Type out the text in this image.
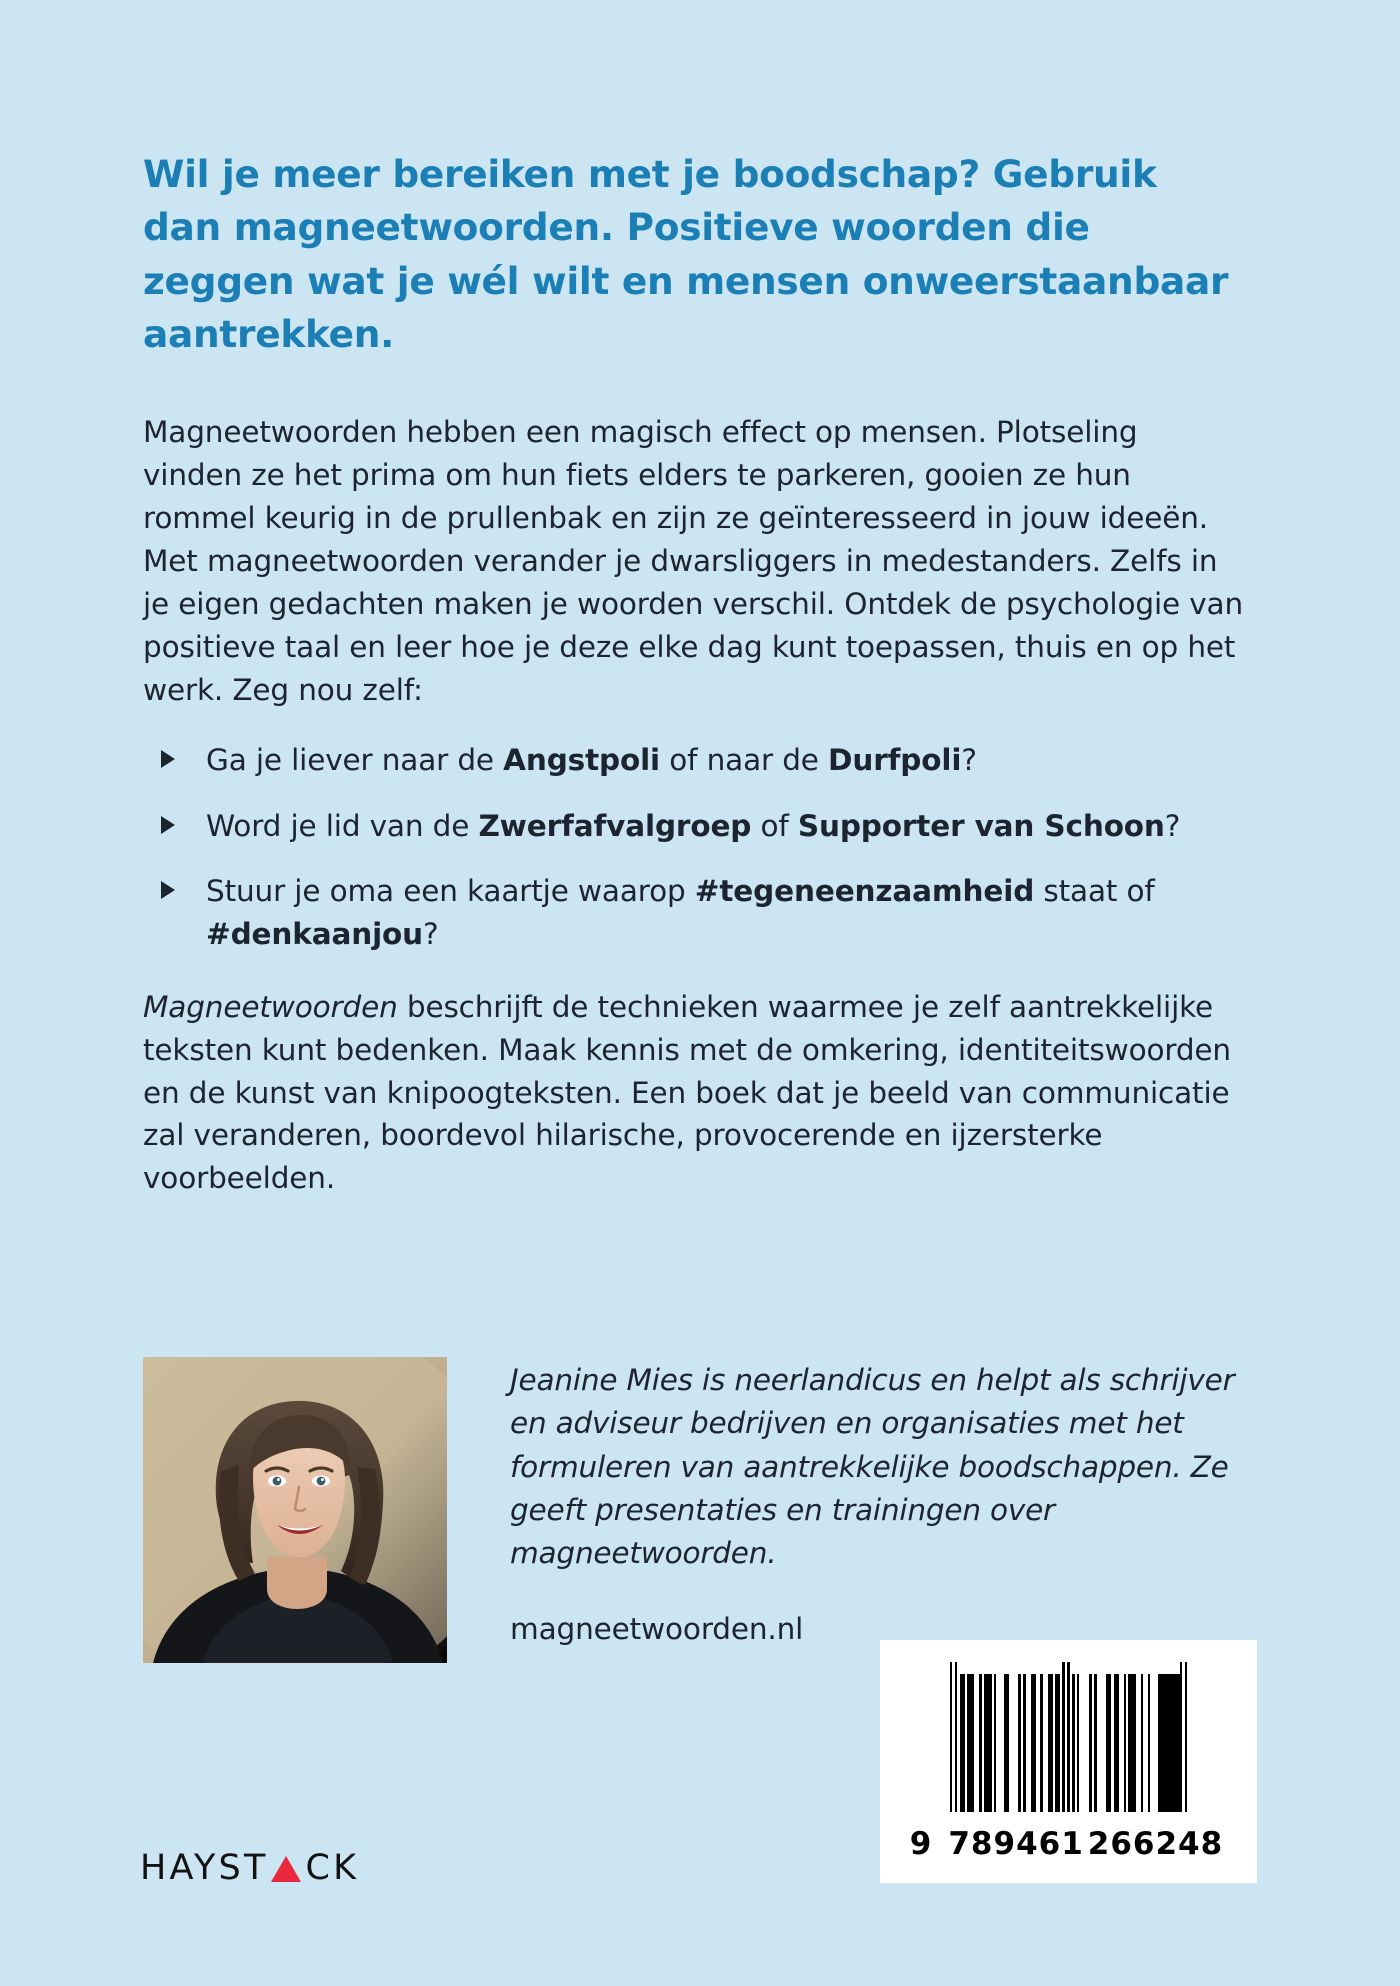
Wil je meer bereiken met je boodschap? Gebruik dan magneetwoorden. Positieve woorden die zeggen wat je wél wilt en mensen onweerstaanbaar aantrekken.

Magneetwoorden hebben een magisch effect op mensen. Plotseling vinden ze het prima om hun fiets elders te parkeren, gooien ze hun rommel keurig in de prullenbak en zijn ze geïnteresseerd in jouw ideeën. Met magneetwoorden verander je dwarsliggers in medestanders. Zelfs in je eigen gedachten maken je woorden verschil. Ontdek de psychologie van positieve taal en leer hoe je deze elke dag kunt toepassen, thuis en op het werk. Zeg nou zelf:

Ga je liever naar de Angstpoli of naar de Durfpoli?
Word je lid van de Zwerfafvalgroep of Supporter van Schoon?
Stuur je oma een kaartje waarop #tegeneenzaamheid staat of #denkaanjou?

Magneetwoorden beschrijft de technieken waarmee je zelf aantrekkelijke teksten kunt bedenken. Maak kennis met de omkering, identiteitswoorden en de kunst van knipoogteksten. Een boek dat je beeld van communicatie zal veranderen, boordevol hilarische, provocerende en ijzersterke voorbeelden.

Jeanine Mies is neerlandicus en helpt als schrijver en adviseur bedrijven en organisaties met het formuleren van aantrekkelijke boodschappen. Ze geeft presentaties en trainingen over magneetwoorden.

magneetwoorden.nl

9 789461 266248
HAYST CK
